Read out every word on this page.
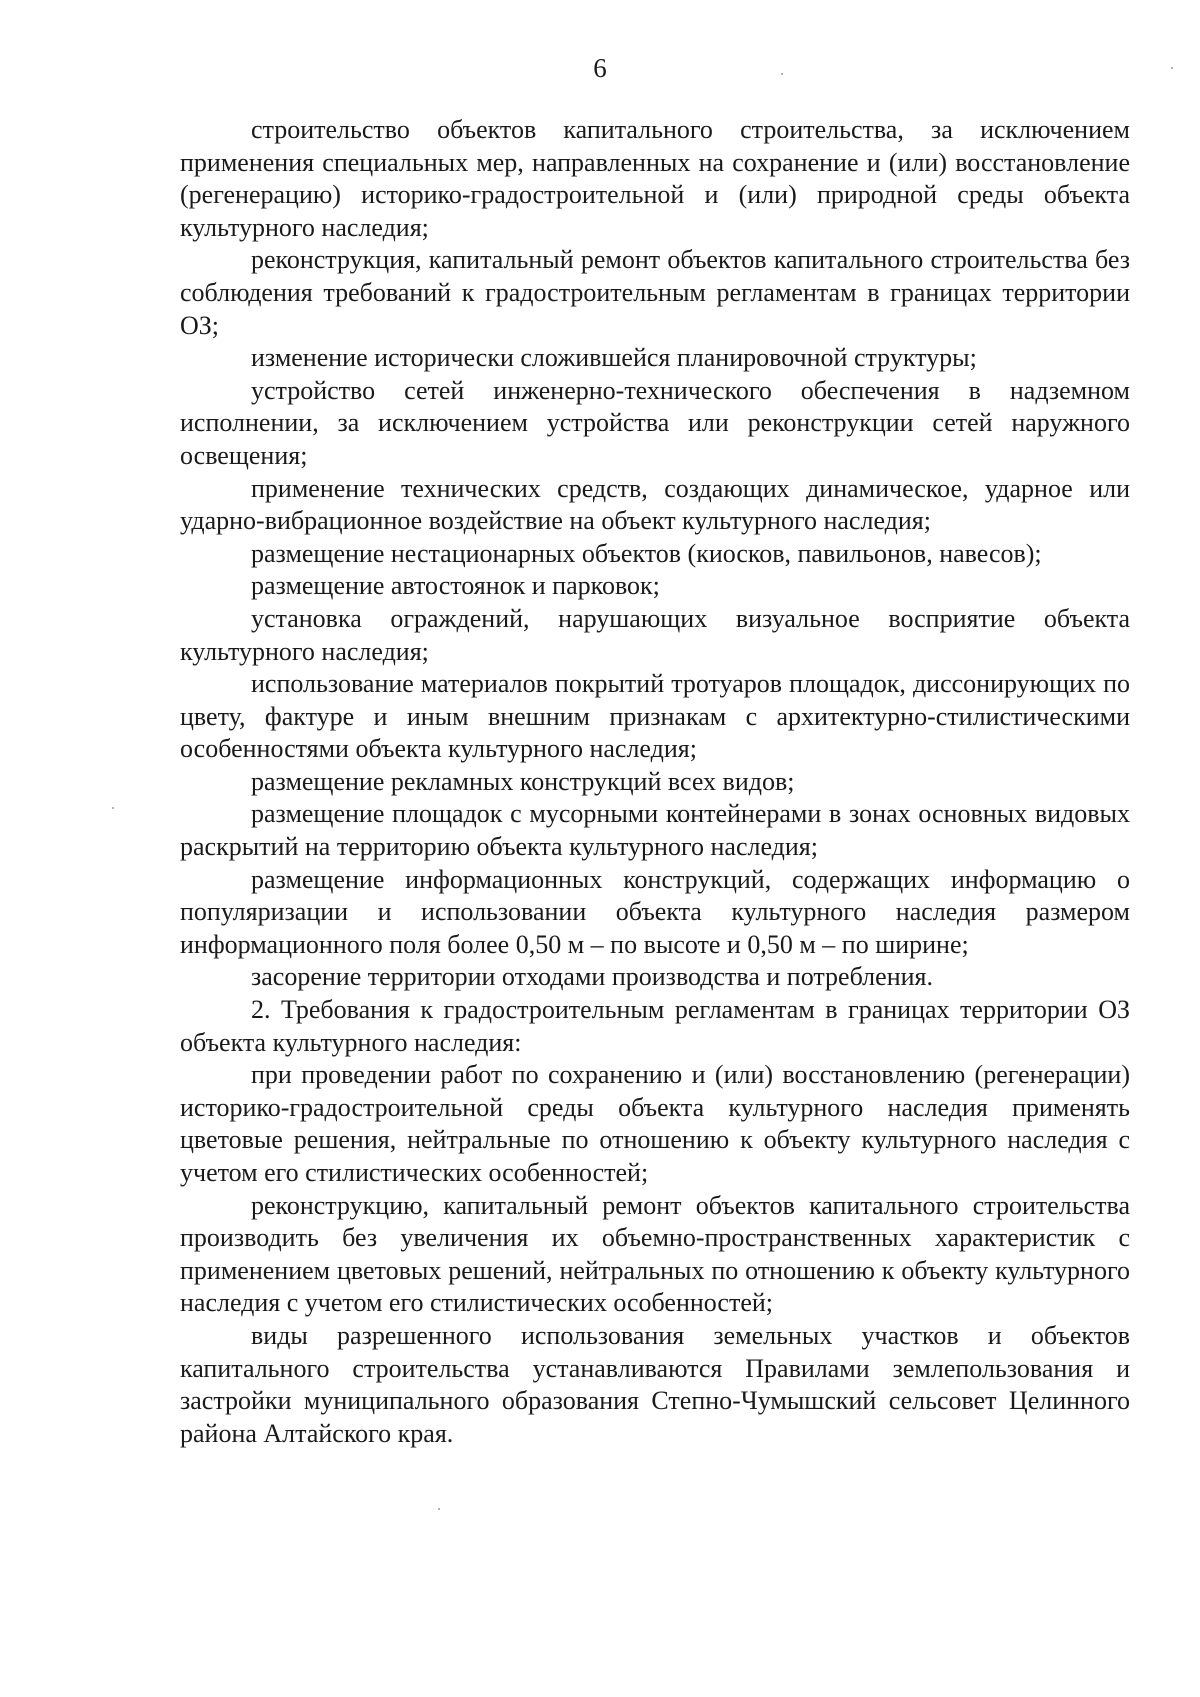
6

строительство объектов капитального строительства, за исключением применения специальных мер, направленных на сохранение и (или) восстановление (регенерацию) историко-градостроительной и (или) природной среды объекта культурного наследия;

реконструкция, капитальный ремонт объектов капитального строительства без соблюдения требований к градостроительным регламентам в границах территории ОЗ;

изменение исторически сложившейся планировочной структуры;

устройство сетей инженерно-технического обеспечения в надземном исполнении, за исключением устройства или реконструкции сетей наружного освещения;

применение технических средств, создающих динамическое, ударное или ударно-вибрационное воздействие на объект культурного наследия;

размещение нестационарных объектов (киосков, павильонов, навесов);

размещение автостоянок и парковок;

установка ограждений, нарушающих визуальное восприятие объекта культурного наследия;

использование материалов покрытий тротуаров площадок, диссонирующих по цвету, фактуре и иным внешним признакам с архитектурно-стилистическими особенностями объекта культурного наследия;

размещение рекламных конструкций всех видов;

размещение площадок с мусорными контейнерами в зонах основных видовых раскрытий на территорию объекта культурного наследия;

размещение информационных конструкций, содержащих информацию о популяризации и использовании объекта культурного наследия размером информационного поля более 0,50 м – по высоте и 0,50 м – по ширине;

засорение территории отходами производства и потребления.

2. Требования к градостроительным регламентам в границах территории ОЗ объекта культурного наследия:

при проведении работ по сохранению и (или) восстановлению (регенерации) историко-градостроительной среды объекта культурного наследия применять цветовые решения, нейтральные по отношению к объекту культурного наследия с учетом его стилистических особенностей;

реконструкцию, капитальный ремонт объектов капитального строительства производить без увеличения их объемно-пространственных характеристик с применением цветовых решений, нейтральных по отношению к объекту культурного наследия с учетом его стилистических особенностей;

виды разрешенного использования земельных участков и объектов капитального строительства устанавливаются Правилами землепользования и застройки муниципального образования Степно-Чумышский сельсовет Целинного района Алтайского края.
